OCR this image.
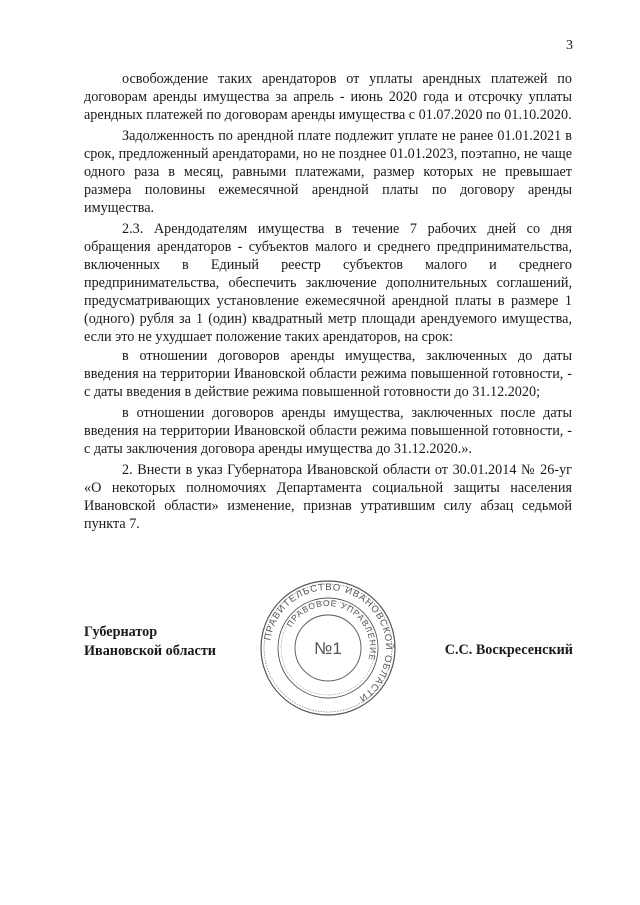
3

освобождение таких арендаторов от уплаты арендных платежей по договорам аренды имущества за апрель - июнь 2020 года и отсрочку уплаты арендных платежей по договорам аренды имущества с 01.07.2020 по 01.10.2020.

Задолженность по арендной плате подлежит уплате не ранее 01.01.2021 в срок, предложенный арендаторами, но не позднее 01.01.2023, поэтапно, не чаще одного раза в месяц, равными платежами, размер которых не превышает размера половины ежемесячной арендной платы по договору аренды имущества.

2.3. Арендодателям имущества в течение 7 рабочих дней со дня обращения арендаторов - субъектов малого и среднего предпринимательства, включенных в Единый реестр субъектов малого и среднего предпринимательства, обеспечить заключение дополнительных соглашений, предусматривающих установление ежемесячной арендной платы в размере 1 (одного) рубля за 1 (один) квадратный метр площади арендуемого имущества, если это не ухудшает положение таких арендаторов, на срок:

в отношении договоров аренды имущества, заключенных до даты введения на территории Ивановской области режима повышенной готовности, - с даты введения в действие режима повышенной готовности до 31.12.2020;

в отношении договоров аренды имущества, заключенных после даты введения на территории Ивановской области режима повышенной готовности, - с даты заключения договора аренды имущества до 31.12.2020.».

2. Внести в указ Губернатора Ивановской области от 30.01.2014 № 26-уг «О некоторых полномочиях Департамента социальной защиты населения Ивановской области» изменение, признав утратившим силу абзац седьмой пункта 7.

Губернатор
Ивановской области
ПРАВИТЕЛЬСТВО ИВАНОВСКОЙ ОБЛАСТИ
ПРАВОВОЕ УПРАВЛЕНИЕ
№1	С.С. Воскресенский
